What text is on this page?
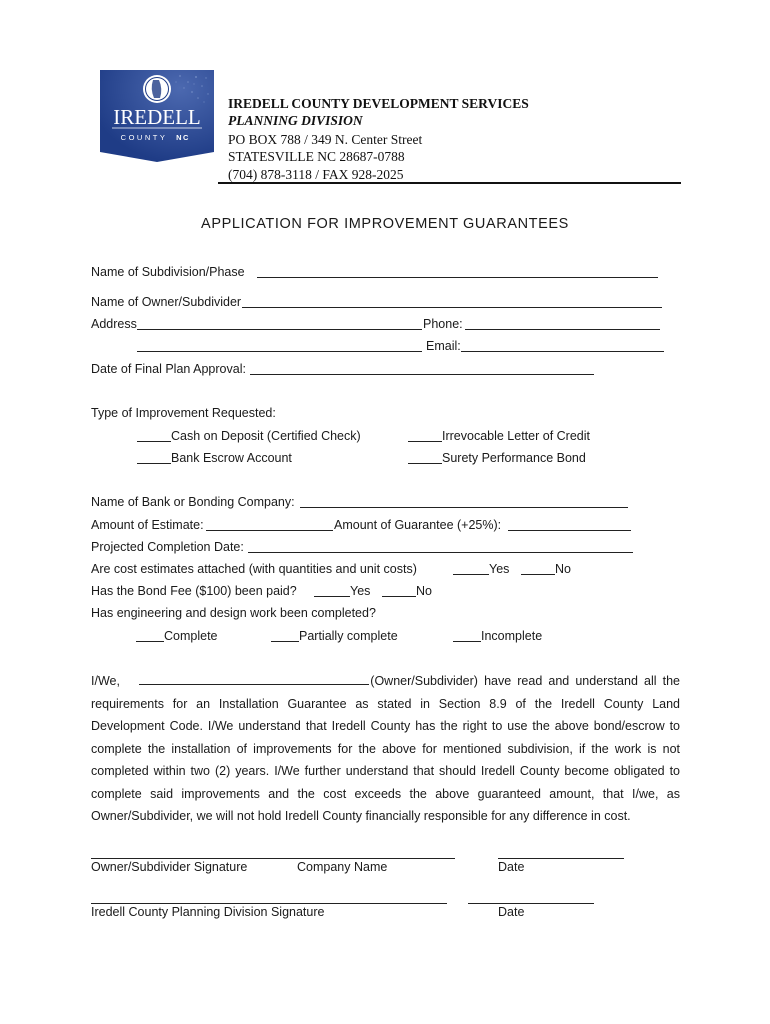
IREDELL
COUNTY NC
IREDELL COUNTY DEVELOPMENT SERVICES
PLANNING DIVISION
PO BOX 788 / 349 N. Center Street
STATESVILLE NC 28687-0788
(704) 878-3118 / FAX 928-2025
APPLICATION FOR IMPROVEMENT GUARANTEES
Name of Subdivision/Phase
Name of Owner/Subdivider
Address	Phone:
Email:
Date of Final Plan Approval:
Type of Improvement Requested:
Cash on Deposit (Certified Check)	Irrevocable Letter of Credit
Bank Escrow Account	Surety Performance Bond
Name of Bank or Bonding Company:
Amount of Estimate:	Amount of Guarantee (+25%):
Projected Completion Date:
Are cost estimates attached (with quantities and unit costs)	Yes	No
Has the Bond Fee ($100) been paid?	Yes	No
Has engineering and design work been completed?
Complete	Partially complete	Incomplete
I/We,	(Owner/Subdivider) have read and understand all the requirements for an Installation Guarantee as stated in Section 8.9 of the Iredell County Land Development Code. I/We understand that Iredell County has the right to use the above bond/escrow to complete the installation of improvements for the above for mentioned subdivision, if the work is not completed within two (2) years. I/We further understand that should Iredell County become obligated to complete said improvements and the cost exceeds the above guaranteed amount, that I/we, as Owner/Subdivider, we will not hold Iredell County financially responsible for any difference in cost.
Owner/Subdivider Signature	Company Name	Date
Iredell County Planning Division Signature	Date
